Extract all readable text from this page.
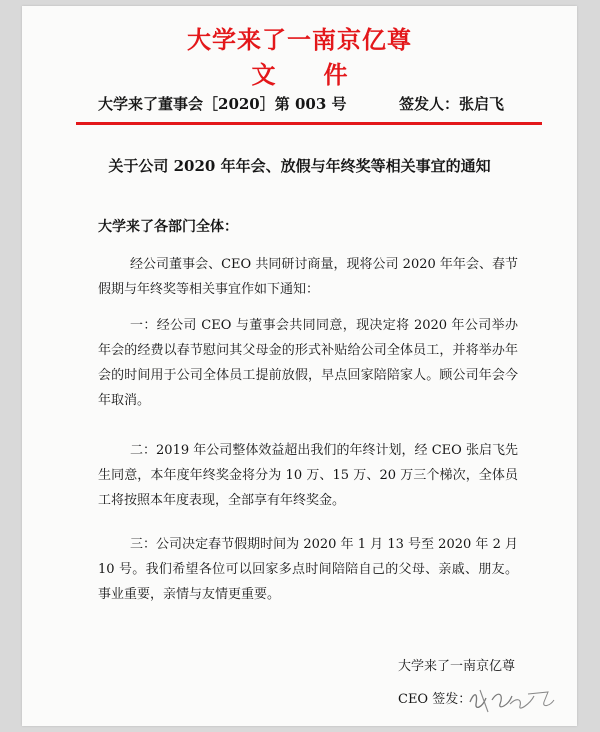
大学来了一南京亿尊
文 件
大学来了董事会［2020］第 003 号	签发人：张启飞
关于公司 2020 年年会、放假与年终奖等相关事宜的通知
大学来了各部门全体：
经公司董事会、CEO 共同研讨商量，现将公司 2020 年年会、春节假期与年终奖等相关事宜作如下通知：
一：经公司 CEO 与董事会共同同意，现决定将 2020 年公司举办年会的经费以春节慰问其父母金的形式补贴给公司全体员工，并将举办年会的时间用于公司全体员工提前放假，早点回家陪陪家人。顾公司年会今年取消。
二：2019 年公司整体效益超出我们的年终计划，经 CEO 张启飞先生同意，本年度年终奖金将分为 10 万、15 万、20 万三个梯次，全体员工将按照本年度表现，全部享有年终奖金。
三：公司决定春节假期时间为 2020 年 1 月 13 号至 2020 年 2 月 10 号。我们希望各位可以回家多点时间陪陪自己的父母、亲戚、朋友。事业重要，亲情与友情更重要。
大学来了一南京亿尊
CEO 签发：
